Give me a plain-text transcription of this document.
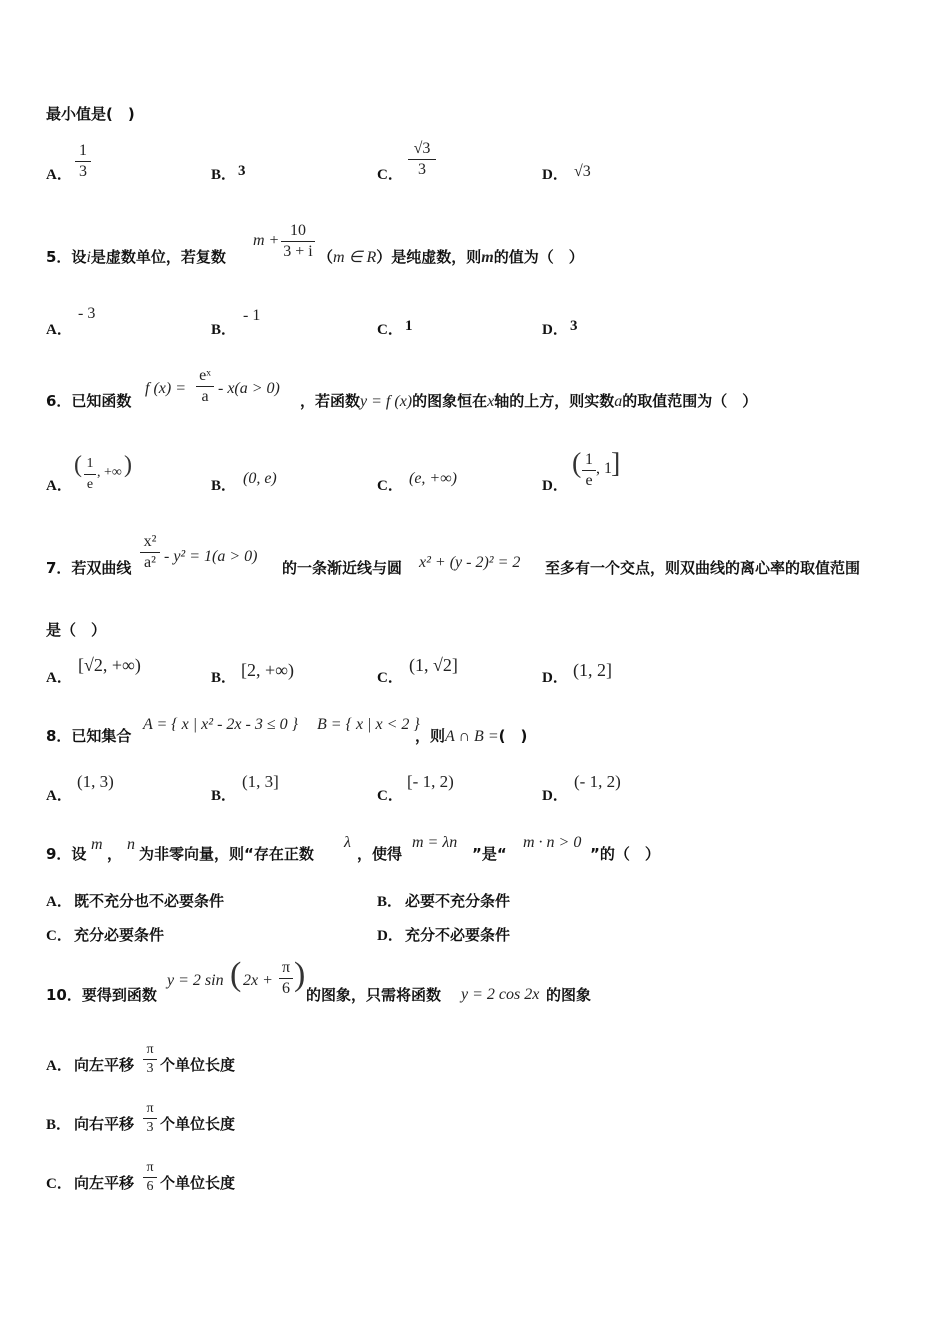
最小值是(　)
A．
1
3	B． 3	C．
√3
3	D． √3
5．设i是虚数单位，若复数
m +
10
3 + i （m ∈ R）是纯虚数，则m的值为（　）
A．
- 3
B．
- 1
C． 1	D． 3
6．已知函数
f (x) =
eˣ
a - x(a > 0)
，若函数y = f (x)的图象恒在x轴的上方，则实数a的取值范围为（　）
A．
( 1
e
, +∞ )
B． (0, e)	C． (e, +∞)	D．
( 1
e
, 1 ]
7．若双曲线
x²
a² - y² = 1(a > 0)
的一条渐近线与圆 x² + (y - 2)² = 2 至多有一个交点，则双曲线的离心率的取值范围
是（　）
A．
[√2, +∞)
B． [2, +∞)	C．
(1, √2]
D． (1, 2]
8．已知集合
A = { x | x² - 2x - 3 ≤ 0 } B = { x | x < 2 }
，则A ∩ B =(　)
A．
(1, 3)
B．
(1, 3]
C．
[- 1, 2)
D．
(- 1, 2)
9．设
m
，
n
为非零向量，则“存在正数
λ
，使得
m = λn
”是“
m · n > 0
”的（　）
A． 既不充分也不必要条件	B． 必要不充分条件
C． 充分必要条件	D． 充分不必要条件
10．要得到函数
y = 2 sin ( 2x +
π
6 )
的图象，只需将函数 y = 2 cos 2x 的图象
A． 向左平移
π
3 个单位长度
B． 向右平移
π
3 个单位长度
C． 向左平移
π
6 个单位长度
